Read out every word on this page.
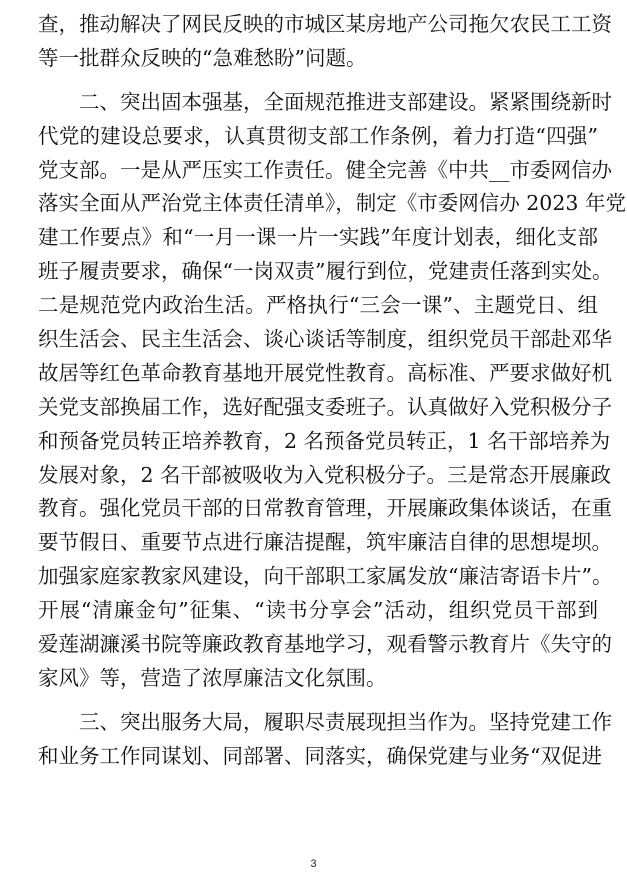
查，推动解决了网民反映的市城区某房地产公司拖欠农民工工资
等一批群众反映的“急难愁盼”问题。
　　二、突出固本强基，全面规范推进支部建设。紧紧围绕新时
代党的建设总要求，认真贯彻支部工作条例，着力打造“四强”
党支部。一是从严压实工作责任。健全完善《中共__市委网信办
落实全面从严治党主体责任清单》，制定《市委网信办 2023 年党
建工作要点》和“一月一课一片一实践”年度计划表，细化支部
班子履责要求，确保“一岗双责”履行到位，党建责任落到实处。
二是规范党内政治生活。严格执行“三会一课”、主题党日、组
织生活会、民主生活会、谈心谈话等制度，组织党员干部赴邓华
故居等红色革命教育基地开展党性教育。高标准、严要求做好机
关党支部换届工作，选好配强支委班子。认真做好入党积极分子
和预备党员转正培养教育，2 名预备党员转正，1 名干部培养为
发展对象，2 名干部被吸收为入党积极分子。三是常态开展廉政
教育。强化党员干部的日常教育管理，开展廉政集体谈话，在重
要节假日、重要节点进行廉洁提醒，筑牢廉洁自律的思想堤坝。
加强家庭家教家风建设，向干部职工家属发放“廉洁寄语卡片”。
开展“清廉金句”征集、“读书分享会”活动，组织党员干部到
爱莲湖濂溪书院等廉政教育基地学习，观看警示教育片《失守的
家风》等，营造了浓厚廉洁文化氛围。
　　三、突出服务大局，履职尽责展现担当作为。坚持党建工作
和业务工作同谋划、同部署、同落实，确保党建与业务“双促进
3
